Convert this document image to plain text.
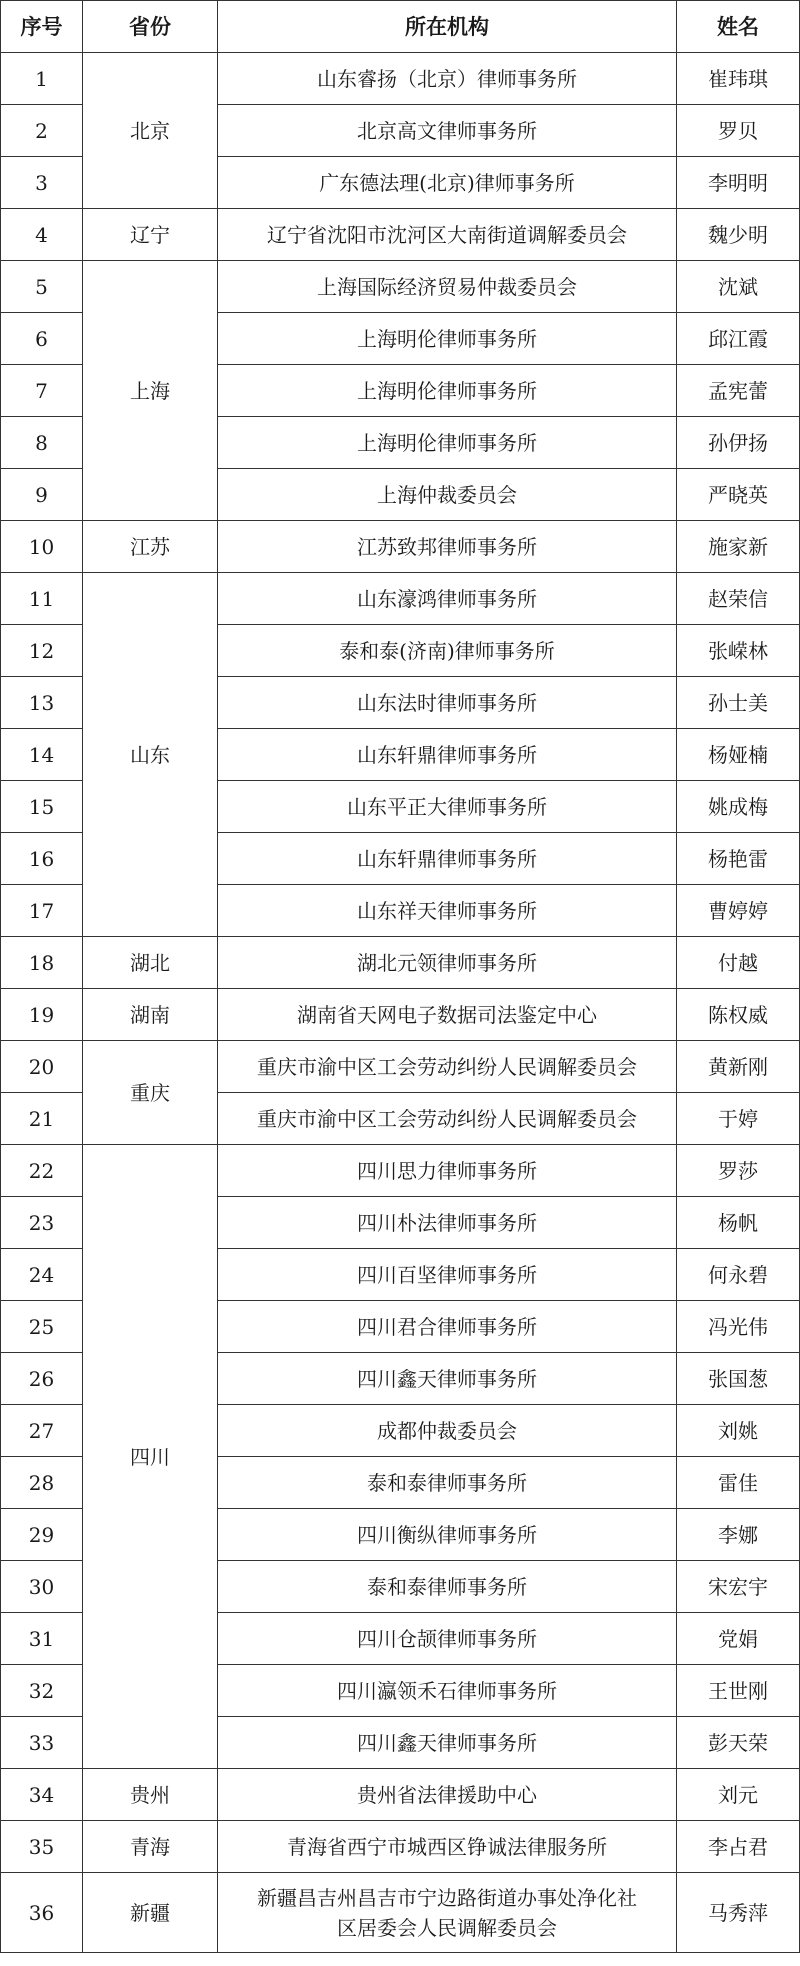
序号	省份	所在机构	姓名
1	北京	山东睿扬（北京）律师事务所	崔玮琪
2		北京高文律师事务所	罗贝
3		广东德法理(北京)律师事务所	李明明
4	辽宁	辽宁省沈阳市沈河区大南街道调解委员会	魏少明
5	上海	上海国际经济贸易仲裁委员会	沈斌
6		上海明伦律师事务所	邱江霞
7		上海明伦律师事务所	孟宪蕾
8		上海明伦律师事务所	孙伊扬
9		上海仲裁委员会	严晓英
10	江苏	江苏致邦律师事务所	施家新
11	山东	山东濠鸿律师事务所	赵荣信
12		泰和泰(济南)律师事务所	张嵘林
13		山东法时律师事务所	孙士美
14		山东轩鼎律师事务所	杨娅楠
15		山东平正大律师事务所	姚成梅
16		山东轩鼎律师事务所	杨艳雷
17		山东祥天律师事务所	曹婷婷
18	湖北	湖北元领律师事务所	付越
19	湖南	湖南省天网电子数据司法鉴定中心	陈权威
20	重庆	重庆市渝中区工会劳动纠纷人民调解委员会	黄新刚
21		重庆市渝中区工会劳动纠纷人民调解委员会	于婷
22	四川	四川思力律师事务所	罗莎
23		四川朴法律师事务所	杨帆
24		四川百坚律师事务所	何永碧
25		四川君合律师事务所	冯光伟
26		四川鑫天律师事务所	张国葱
27		成都仲裁委员会	刘姚
28		泰和泰律师事务所	雷佳
29		四川衡纵律师事务所	李娜
30		泰和泰律师事务所	宋宏宇
31		四川仓颉律师事务所	党娟
32		四川瀛领禾石律师事务所	王世刚
33		四川鑫天律师事务所	彭天荣
34	贵州	贵州省法律援助中心	刘元
35	青海	青海省西宁市城西区铮诚法律服务所	李占君
36	新疆	新疆昌吉州昌吉市宁边路街道办事处净化社区居委会人民调解委员会	马秀萍
